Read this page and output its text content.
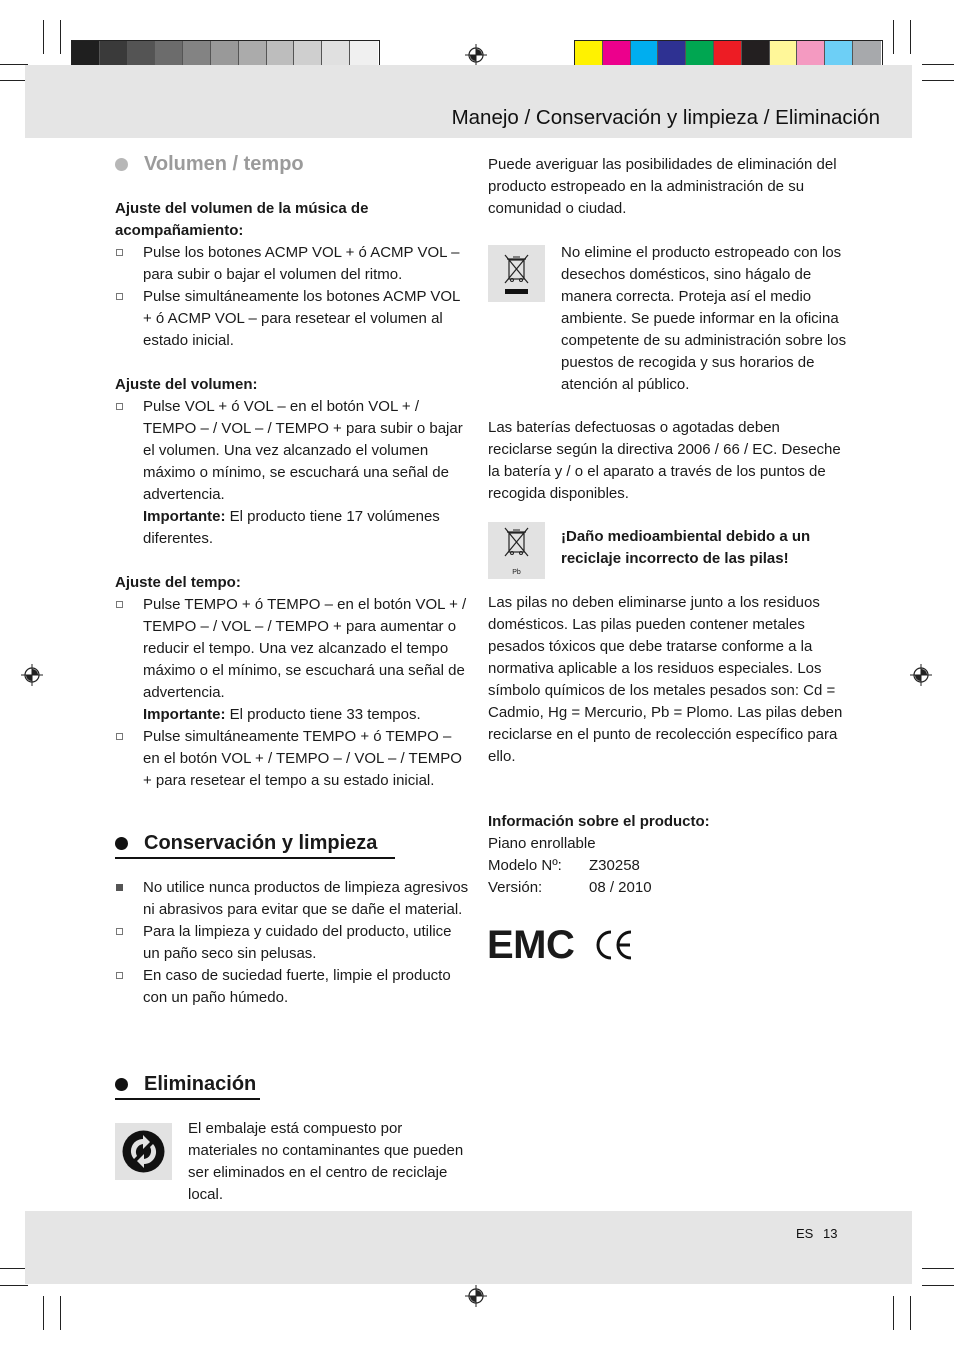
Manejo / Conservación y limpieza / Eliminación
Volumen / tempo

Ajuste del volumen de la música de acompañamiento:

Pulse los botones ACMP VOL + ó ACMP VOL – para subir o bajar el volumen del ritmo.

Pulse simultáneamente los botones ACMP VOL + ó ACMP VOL – para resetear el volumen al estado inicial.

Ajuste del volumen:

Pulse VOL + ó VOL – en el botón VOL + / TEMPO – / VOL – / TEMPO + para subir o bajar el volumen. Una vez alcanzado el volumen máximo o mínimo, se escuchará una señal de advertencia.

Importante: El producto tiene 17 volúmenes diferentes.

Ajuste del tempo:

Pulse TEMPO + ó TEMPO – en el botón VOL + / TEMPO – / VOL – / TEMPO + para aumentar o reducir el tempo. Una vez alcanzado el tempo máximo o el mínimo, se escuchará una señal de advertencia.

Importante: El producto tiene 33 tempos.

Pulse simultáneamente TEMPO + ó TEMPO – en el botón VOL + / TEMPO – / VOL – / TEMPO + para resetear el tempo a su estado inicial.

Conservación y limpieza

No utilice nunca productos de limpieza agresivos ni abrasivos para evitar que se dañe el material.

Para la limpieza y cuidado del producto, utilice un paño seco sin pelusas.

En caso de suciedad fuerte, limpie el producto con un paño húmedo.

Eliminación

El embalaje está compuesto por materiales no contaminantes que pueden ser eliminados en el centro de reciclaje local.

Puede averiguar las posibilidades de eliminación del producto estropeado en la administración de su comunidad o ciudad.

No elimine el producto estropeado con los desechos domésticos, sino hágalo de manera correcta. Proteja así el medio ambiente. Se puede informar en la oficina competente de su administración sobre los puestos de recogida y sus horarios de atención al público.

Las baterías defectuosas o agotadas deben reciclarse según la directiva 2006 / 66 / EC. Deseche la batería y / o el aparato a través de los puntos de recogida disponibles.

Pb

¡Daño medioambiental debido a un reciclaje incorrecto de las pilas!

Las pilas no deben eliminarse junto a los residuos domésticos. Las pilas pueden contener metales pesados tóxicos que debe tratarse conforme a la normativa aplicable a los residuos especiales. Los símbolo químicos de los metales pesados son: Cd = Cadmio, Hg = Mercurio, Pb = Plomo. Las pilas deben reciclarse en el punto de recolección específico para ello.

Información sobre el producto:

Piano enrollable

Modelo Nº: Z30258

Versión:	08 / 2010

EMC
ES 13
